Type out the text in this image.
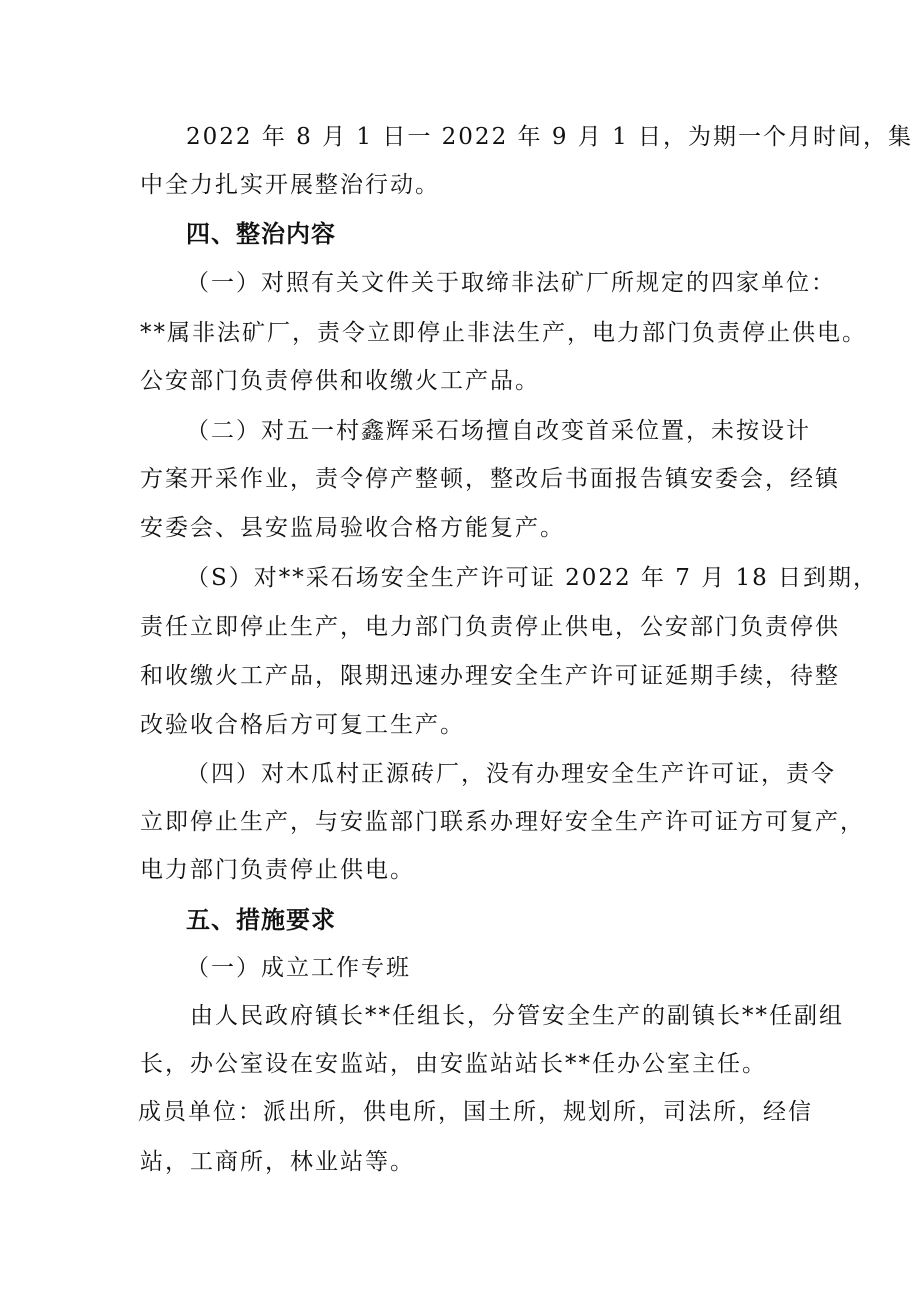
2022 年 8 月 1 日一 2022 年 9 月 1 日，为期一个月时间，集
中全力扎实开展整治行动。
四、整治内容
（一）对照有关文件关于取缔非法矿厂所规定的四家单位：
**属非法矿厂，责令立即停止非法生产，电力部门负责停止供电。
公安部门负责停供和收缴火工产品。
（二）对五一村鑫辉采石场擅自改变首采位置，未按设计
方案开采作业，责令停产整顿，整改后书面报告镇安委会，经镇
安委会、县安监局验收合格方能复产。
（S）对**采石场安全生产许可证 2022 年 7 月 18 日到期，
责任立即停止生产，电力部门负责停止供电，公安部门负责停供
和收缴火工产品，限期迅速办理安全生产许可证延期手续，待整
改验收合格后方可复工生产。
（四）对木瓜村正源砖厂，没有办理安全生产许可证，责令
立即停止生产，与安监部门联系办理好安全生产许可证方可复产，
电力部门负责停止供电。
五、措施要求
（一）成立工作专班
由人民政府镇长**任组长，分管安全生产的副镇长**任副组
长，办公室设在安监站，由安监站站长**任办公室主任。
成员单位：派出所，供电所，国土所，规划所，司法所，经信
站，工商所，林业站等。
